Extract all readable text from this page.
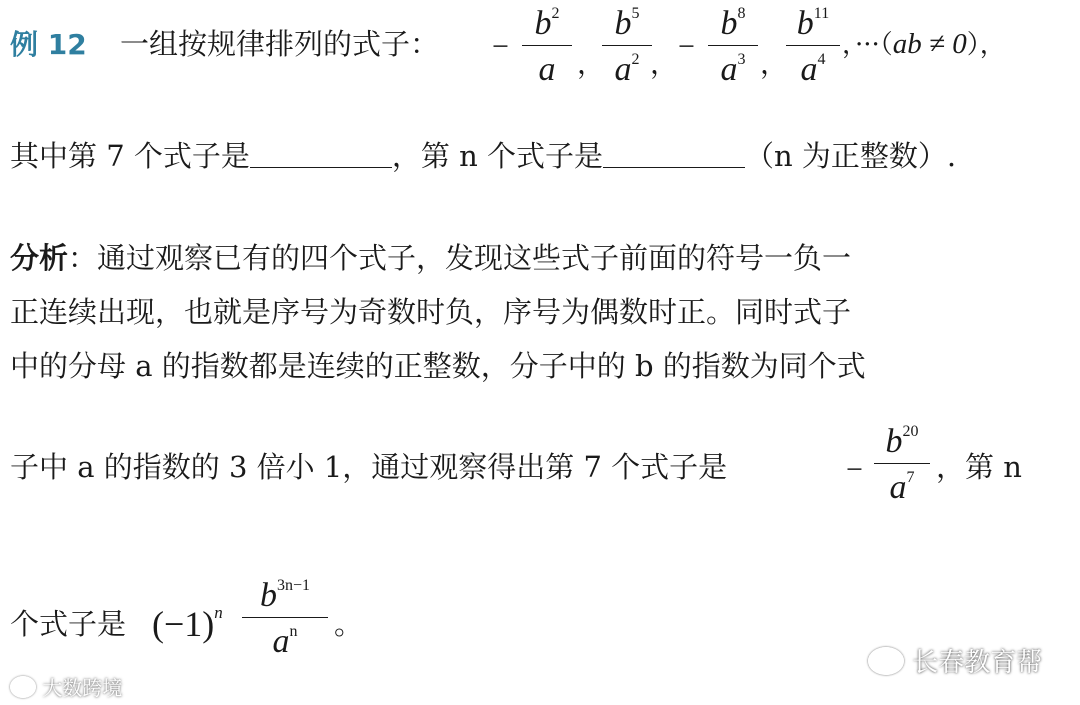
例 12 一组按规律排列的式子： −
$b^2$
a ，
$b^5$
$a^2$ ，
−
$b^8$
$a^3$ ，
$b^{11}$
$a^4$ ，···（ab ≠ 0），
其中第 7 个式子是	，第 n 个式子是	（n 为正整数）.
分析：通过观察已有的四个式子，发现这些式子前面的符号一负一
正连续出现，也就是序号为奇数时负，序号为偶数时正。同时式子
中的分母 a 的指数都是连续的正整数，分子中的 b 的指数为同个式
子中 a 的指数的 3 倍小 1，通过观察得出第 7 个式子是	−
$b^{20}$
$a^7$ ，第 n
个式子是 $(-1)^n$	$b^{3n-1}$
$a^n$	。
大数跨境
长春教育帮
